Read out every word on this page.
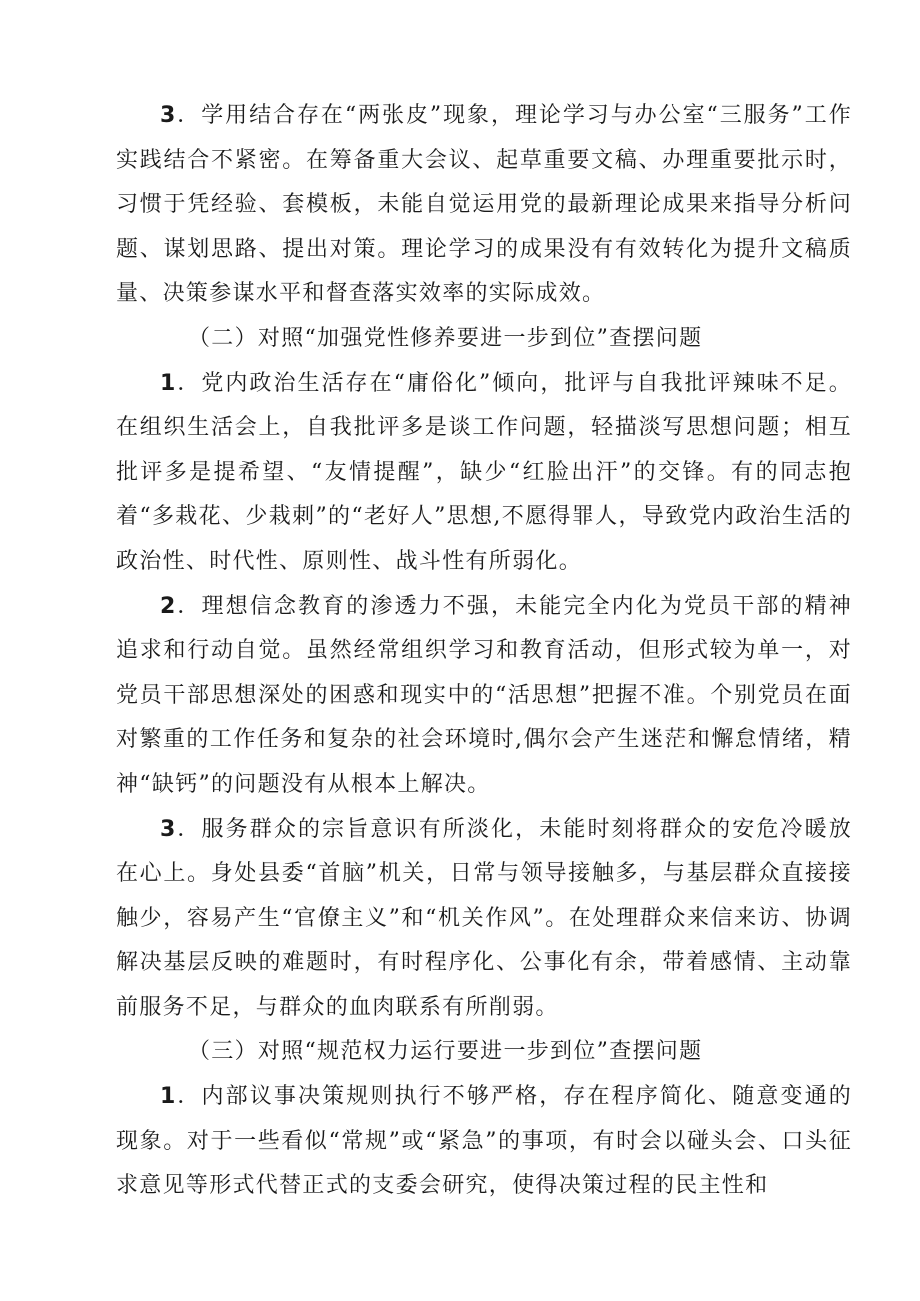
3．学用结合存在“两张皮”现象，理论学习与办公室“三服务”工作实践结合不紧密。在筹备重大会议、起草重要文稿、办理重要批示时，习惯于凭经验、套模板，未能自觉运用党的最新理论成果来指导分析问题、谋划思路、提出对策。理论学习的成果没有有效转化为提升文稿质量、决策参谋水平和督查落实效率的实际成效。

（二）对照“加强党性修养要进一步到位”查摆问题

1．党内政治生活存在“庸俗化”倾向，批评与自我批评辣味不足。在组织生活会上，自我批评多是谈工作问题，轻描淡写思想问题；相互批评多是提希望、“友情提醒”，缺少“红脸出汗”的交锋。有的同志抱着“多栽花、少栽刺”的“老好人”思想,不愿得罪人，导致党内政治生活的政治性、时代性、原则性、战斗性有所弱化。

2．理想信念教育的渗透力不强，未能完全内化为党员干部的精神追求和行动自觉。虽然经常组织学习和教育活动，但形式较为单一，对党员干部思想深处的困惑和现实中的“活思想”把握不准。个别党员在面对繁重的工作任务和复杂的社会环境时,偶尔会产生迷茫和懈怠情绪，精神“缺钙”的问题没有从根本上解决。

3．服务群众的宗旨意识有所淡化，未能时刻将群众的安危冷暖放在心上。身处县委“首脑”机关，日常与领导接触多，与基层群众直接接触少，容易产生“官僚主义”和“机关作风”。在处理群众来信来访、协调解决基层反映的难题时，有时程序化、公事化有余，带着感情、主动靠前服务不足，与群众的血肉联系有所削弱。

（三）对照“规范权力运行要进一步到位”查摆问题

1．内部议事决策规则执行不够严格，存在程序简化、随意变通的现象。对于一些看似“常规”或“紧急”的事项，有时会以碰头会、口头征求意见等形式代替正式的支委会研究，使得决策过程的民主性和
